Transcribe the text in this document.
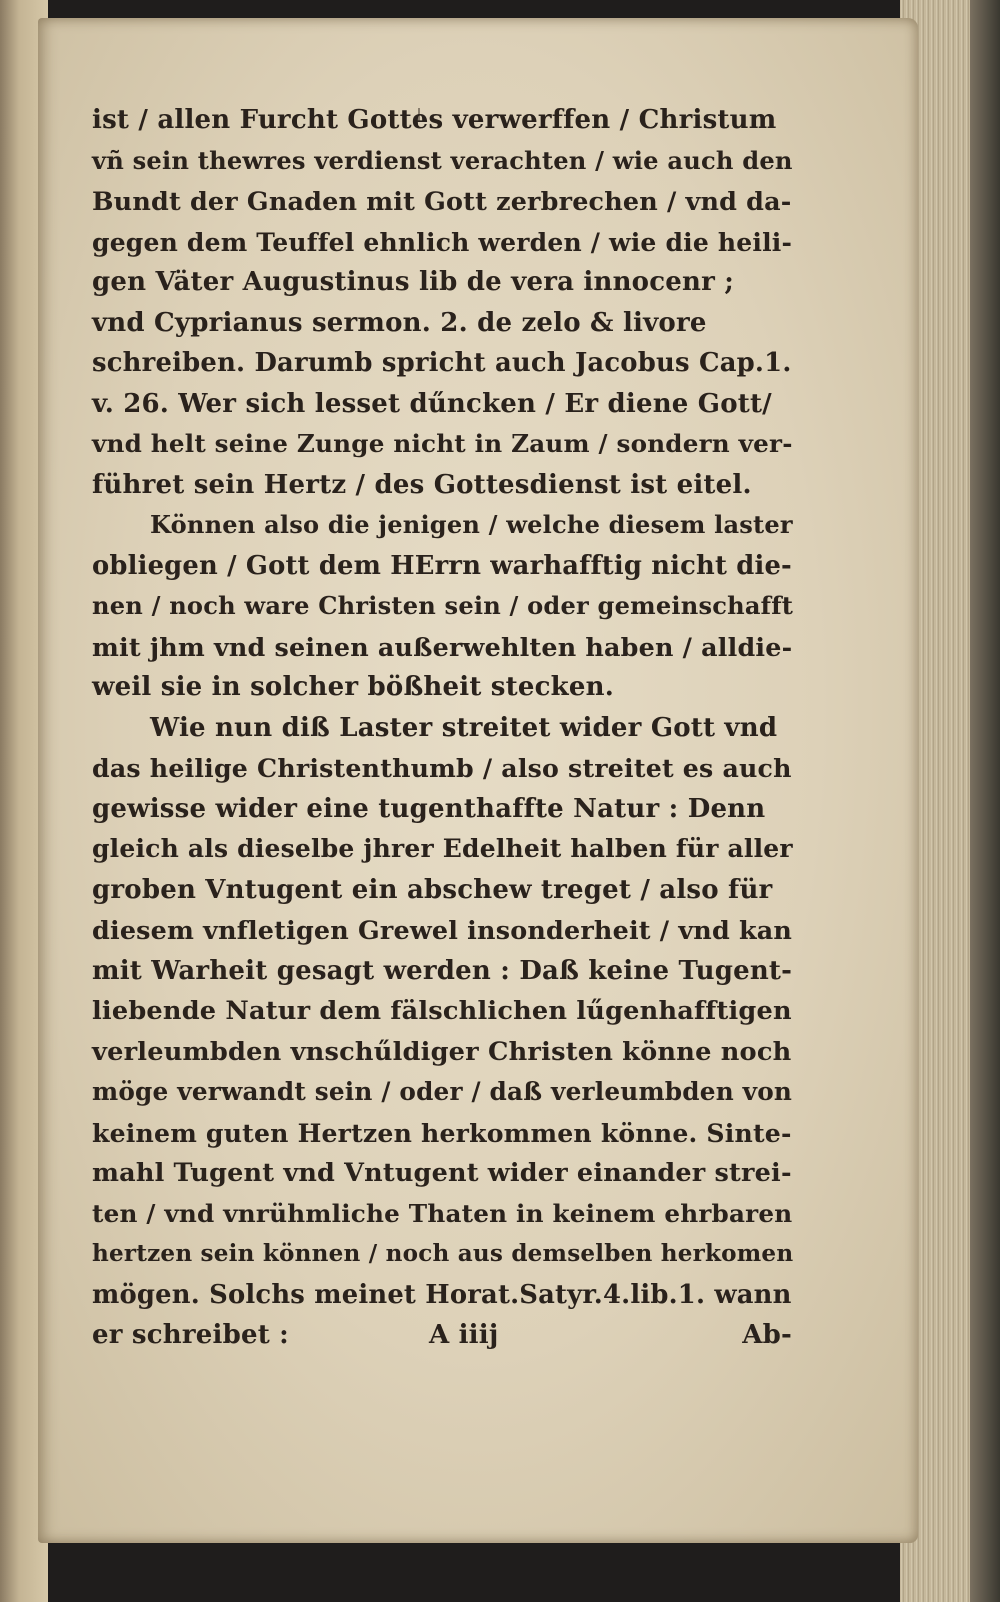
ist / allen Furcht Gottes verwerffen / Christum
vñ sein thewres verdienst verachten / wie auch den
Bundt der Gnaden mit Gott zerbrechen / vnd da-
gegen dem Teuffel ehnlich werden / wie die heili-
gen Väter Augustinus lib de vera innocenr ;
vnd Cyprianus sermon. 2. de zelo & livore
schreiben. Darumb spricht auch Jacobus Cap.1.
v. 26. Wer sich lesset dűncken / Er diene Gott/
vnd helt seine Zunge nicht in Zaum / sondern ver-
führet sein Hertz / des Gottesdienst ist eitel.
Können also die jenigen / welche diesem laster
obliegen / Gott dem HErrn warhafftig nicht die-
nen / noch ware Christen sein / oder gemeinschafft
mit jhm vnd seinen außerwehlten haben / alldie-
weil sie in solcher bößheit stecken.
Wie nun diß Laster streitet wider Gott vnd
das heilige Christenthumb / also streitet es auch
gewisse wider eine tugenthaffte Natur : Denn
gleich als dieselbe jhrer Edelheit halben für aller
groben Vntugent ein abschew treget / also für
diesem vnfletigen Grewel insonderheit / vnd kan
mit Warheit gesagt werden : Daß keine Tugent-
liebende Natur dem fälschlichen lűgenhafftigen
verleumbden vnschűldiger Christen könne noch
möge verwandt sein / oder / daß verleumbden von
keinem guten Hertzen herkommen könne. Sinte-
mahl Tugent vnd Vntugent wider einander strei-
ten / vnd vnrühmliche Thaten in keinem ehrbaren
hertzen sein können / noch aus demselben herkomen
mögen. Solchs meinet Horat.Satyr.4.lib.1. wann
er schreibet :	A iiij	Ab-
